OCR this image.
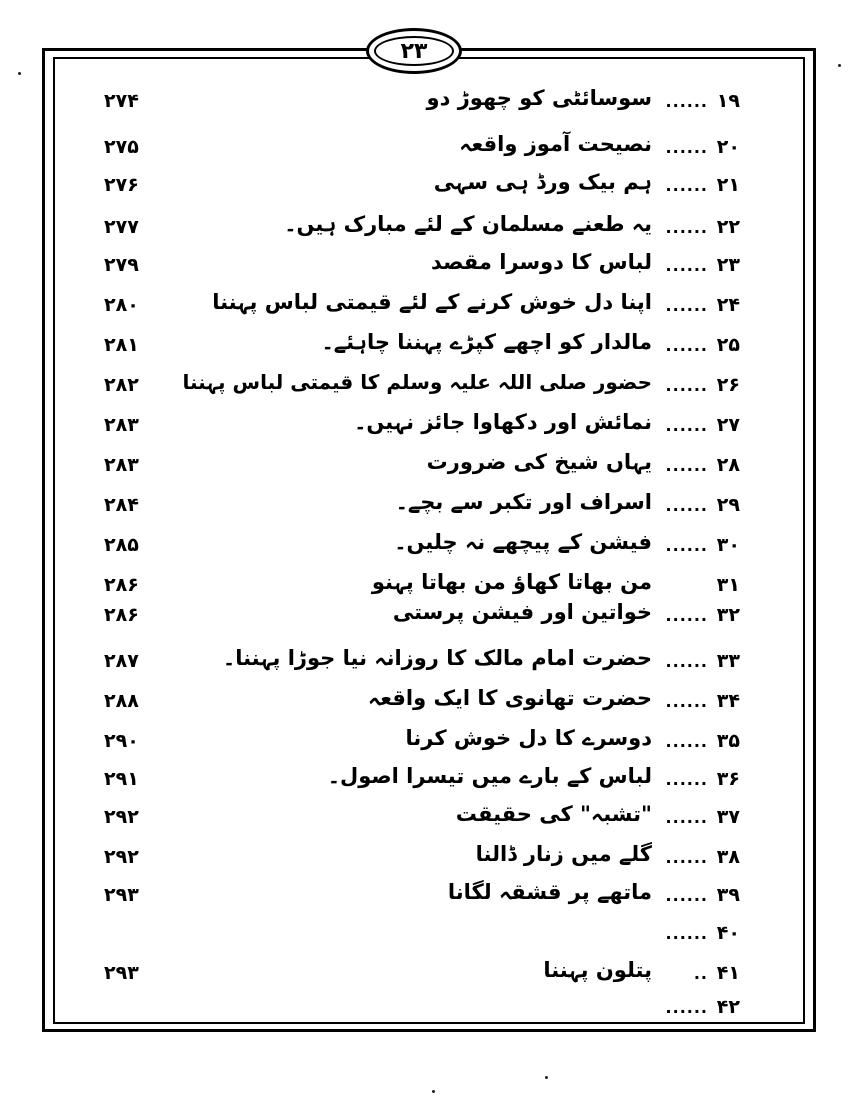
۲۳
۱۹
......
سوسائٹی کو چھوڑ دو
۲۷۴
۲۰
......
نصیحت آموز واقعہ
۲۷۵
۲۱
......
ہم بیک ورڈ ہی سہی
۲۷۶
۲۲
......
یہ طعنے مسلمان کے لئے مبارک ہیں۔
۲۷۷
۲۳
......
لباس کا دوسرا مقصد
۲۷۹
۲۴
......
اپنا دل خوش کرنے کے لئے قیمتی لباس پہننا
۲۸۰
۲۵
......
مالدار کو اچھے کپڑے پہننا چاہئے۔
۲۸۱
۲۶
......
حضور صلی اللہ علیہ وسلم کا قیمتی لباس پہننا
۲۸۲
۲۷
......
نمائش اور دکھاوا جائز نہیں۔
۲۸۳
۲۸
......
یہاں شیخ کی ضرورت
۲۸۳
۲۹
......
اسراف اور تکبر سے بچے۔
۲۸۴
۳۰
......
فیشن کے پیچھے نہ چلیں۔
۲۸۵
۳۱
من بھاتا کھاؤ من بھاتا پہنو
۲۸۶
۳۲
......
خواتین اور فیشن پرستی
۲۸۶
۳۳
......
حضرت امام مالک کا روزانہ نیا جوڑا پہننا۔
۲۸۷
۳۴
......
حضرت تھانوی کا ایک واقعہ
۲۸۸
۳۵
......
دوسرے کا دل خوش کرنا
۲۹۰
۳۶
......
لباس کے بارے میں تیسرا اصول۔
۲۹۱
۳۷
......
"تشبہ" کی حقیقت
۲۹۲
۳۸
......
گلے میں زنار ڈالنا
۲۹۲
۳۹
......
ماتھے پر قشقہ لگانا
۲۹۳
۴۰
......
۴۱
..
پتلون پہننا
۲۹۳
۴۲
......
